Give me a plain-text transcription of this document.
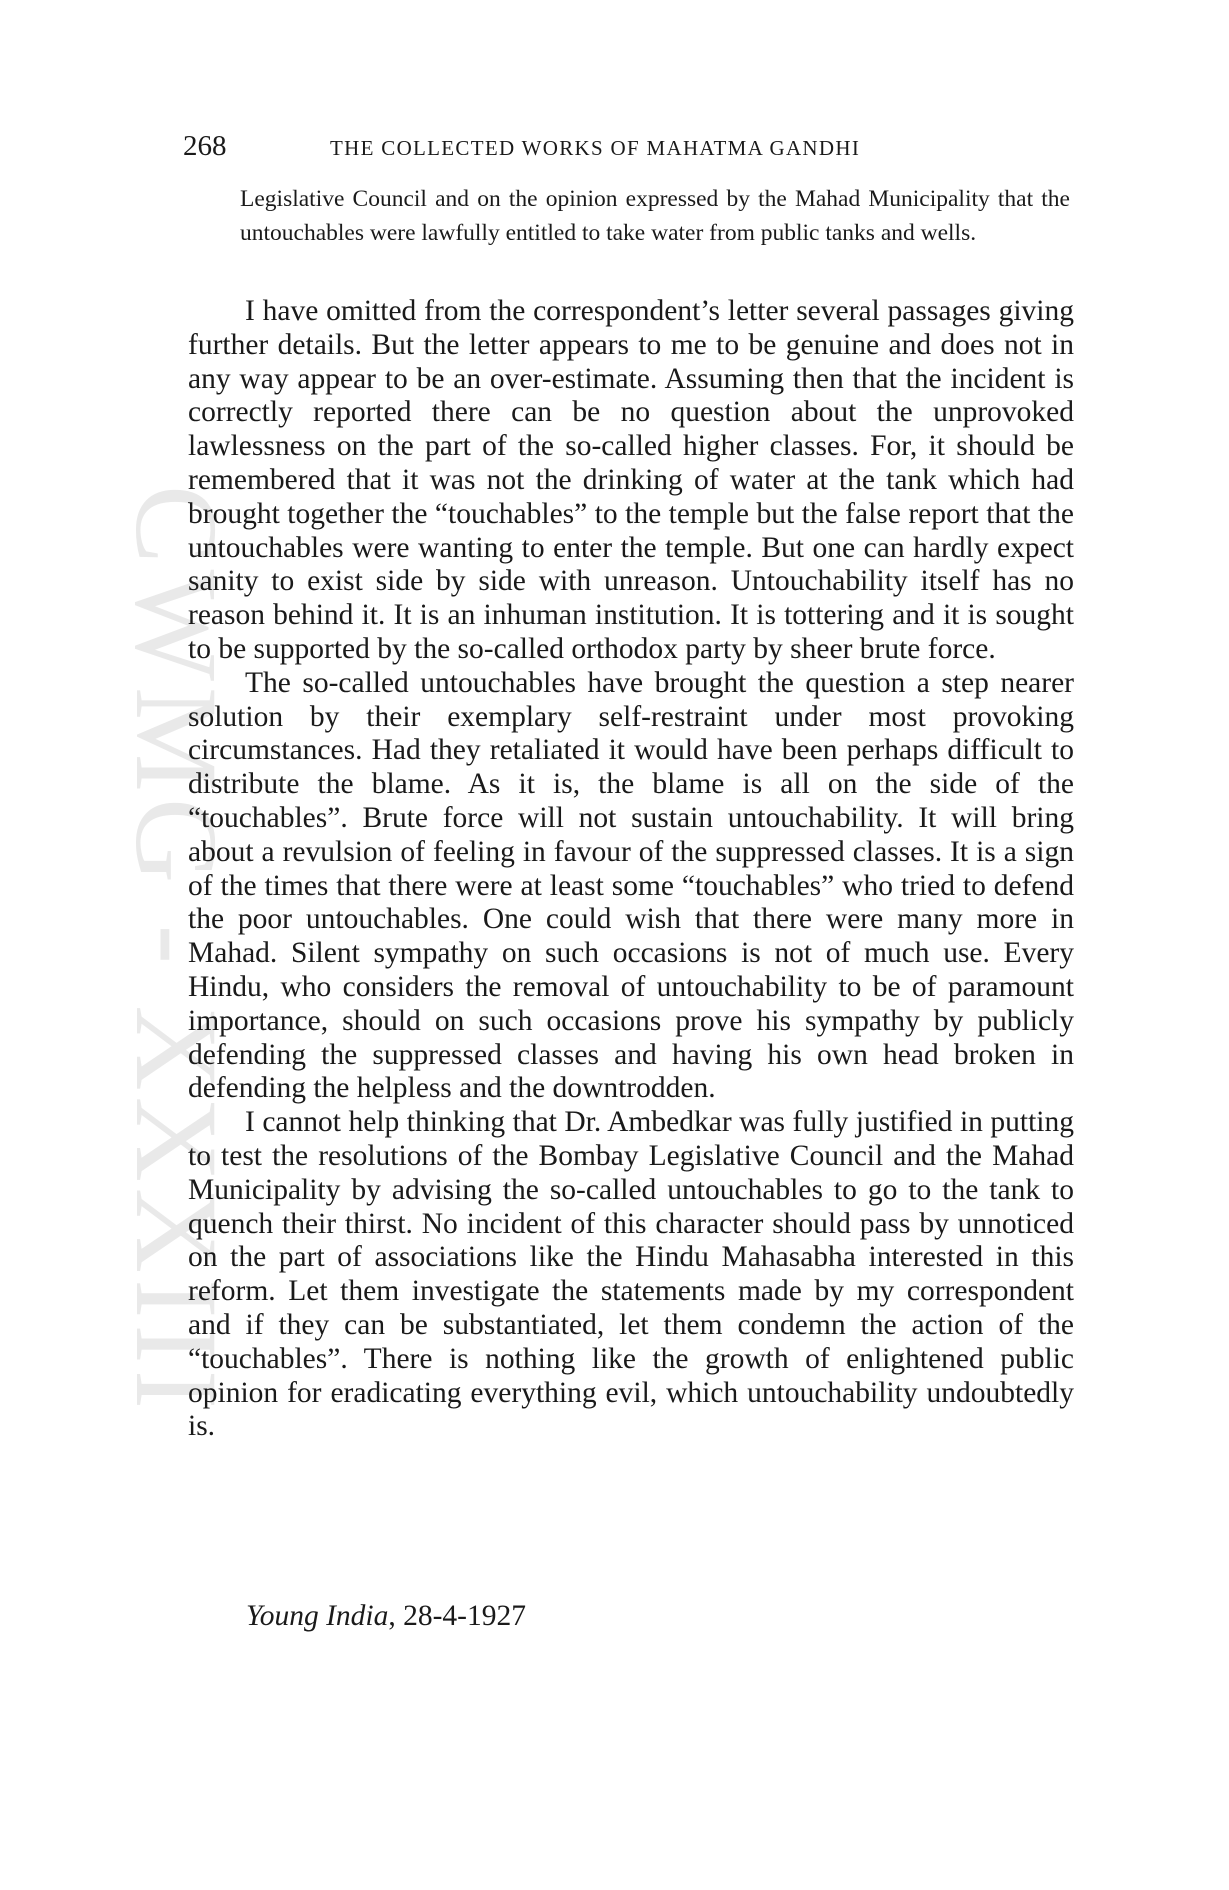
CWMG - XXXIII
268	THE COLLECTED WORKS OF MAHATMA GANDHI

Legislative Council and on the opinion expressed by the Mahad Municipality that the untouchables were lawfully entitled to take water from public tanks and wells.

I have omitted from the correspondent’s letter several passages giving further details. But the letter appears to me to be genuine and does not in any way appear to be an over-estimate. Assuming then that the incident is correctly reported there can be no question about the unprovoked lawlessness on the part of the so-called higher classes. For, it should be remembered that it was not the drinking of water at the tank which had brought together the “touchables” to the temple but the false report that the untouchables were wanting to enter the temple. But one can hardly expect sanity to exist side by side with unreason. Untouchability itself has no reason behind it. It is an inhuman institution. It is tottering and it is sought to be supported by the so-called orthodox party by sheer brute force.

The so-called untouchables have brought the question a step nearer solution by their exemplary self-restraint under most provoking circumstances. Had they retaliated it would have been perhaps difficult to distribute the blame. As it is, the blame is all on the side of the “touchables”. Brute force will not sustain untouchability. It will bring about a revulsion of feeling in favour of the suppressed classes. It is a sign of the times that there were at least some “touchables” who tried to defend the poor untouchables. One could wish that there were many more in Mahad. Silent sympathy on such occasions is not of much use. Every Hindu, who considers the removal of untouchability to be of paramount importance, should on such occasions prove his sympathy by publicly defending the suppressed classes and having his own head broken in defending the helpless and the downtrodden.

I cannot help thinking that Dr. Ambedkar was fully justified in putting to test the resolutions of the Bombay Legislative Council and the Mahad Municipality by advising the so-called untouchables to go to the tank to quench their thirst. No incident of this character should pass by unnoticed on the part of associations like the Hindu Mahasabha interested in this reform. Let them investigate the statements made by my correspondent and if they can be substantiated, let them condemn the action of the “touchables”. There is nothing like the growth of enlightened public opinion for eradicating everything evil, which untouchability undoubtedly is.

Young India, 28-4-1927
